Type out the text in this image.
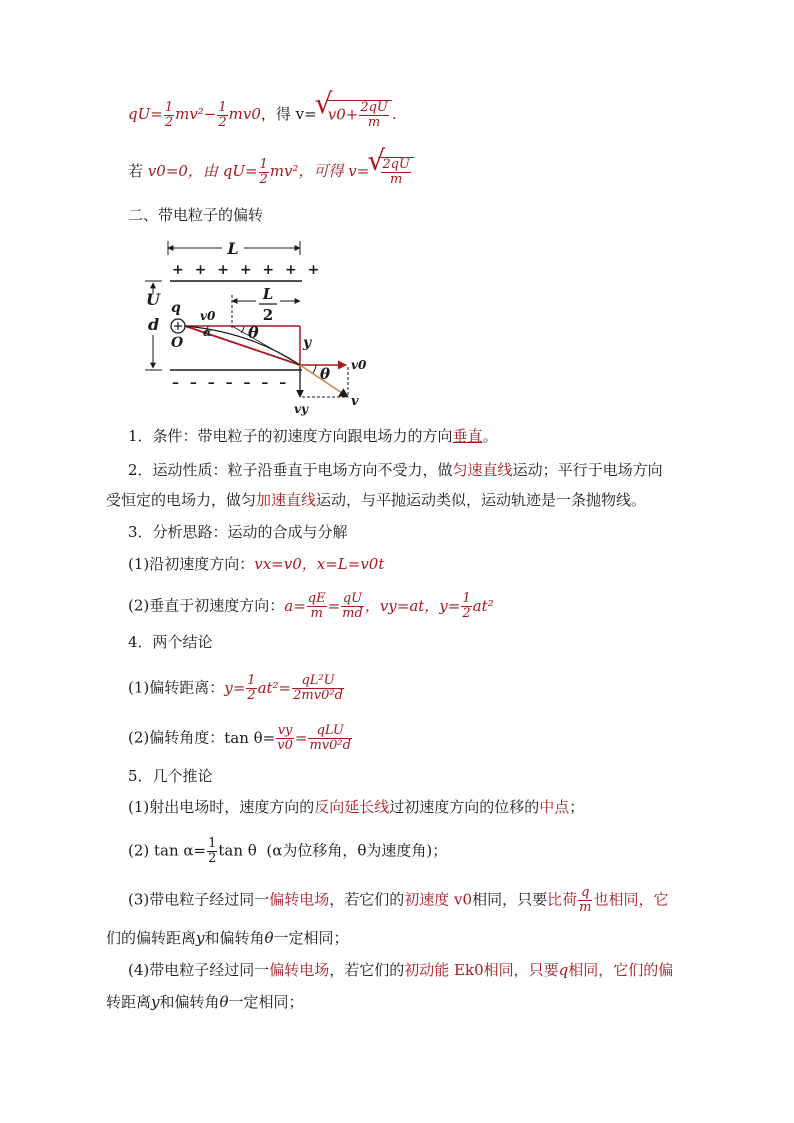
$qU= \frac{1}{2} mv^2- \frac{1}{2} mv0$，得 v= √ $v0+ \frac{2qU}{m}$ .
若 v0=0，由 $qU= \frac{1}{2} mv^2$，可得 v= √ $\frac{2qU}{m}$
二、带电粒子的偏转
L
+ + + + + + +
– – – – – – –
U
d
q
O
v0
L
2
α θ
y
θ v0
vy	v
1．条件：带电粒子的初速度方向跟电场力的方向垂直。
2．运动性质：粒子沿垂直于电场方向不受力，做匀速直线运动；平行于电场方向
受恒定的电场力，做匀加速直线运动，与平抛运动类似，运动轨迹是一条抛物线。
3．分析思路：运动的合成与分解
(1)沿初速度方向：vx=v0，x=L=v0t
(2)垂直于初速度方向：$a= \frac{qE}{m} = \frac{qU}{md}$ ，vy=at，$y= \frac{1}{2} at^2$
4．两个结论
(1)偏转距离：$y= \frac{1}{2} at^2= \frac{\text{qL²U}}{\text{2mv0²d}}$
(2)偏转角度：$\tan \theta= \frac{vy}{v0} = \frac{\text{qLU}}{\text{mv0²d}}$
5．几个推论
(1)射出电场时，速度方向的反向延长线过初速度方向的位移的中点；
(2) $\tan \alpha= \frac{1}{2}$ tan θ (α为位移角，θ为速度角)；
(3)带电粒子经过同一偏转电场，若它们的初速度 v0相同，只要比荷 $\frac{q}{m}$ 也相同，它
们的偏转距离y和偏转角θ一定相同；
(4)带电粒子经过同一偏转电场，若它们的初动能 Ek0相同，只要q相同，它们的偏
转距离y和偏转角θ一定相同；
